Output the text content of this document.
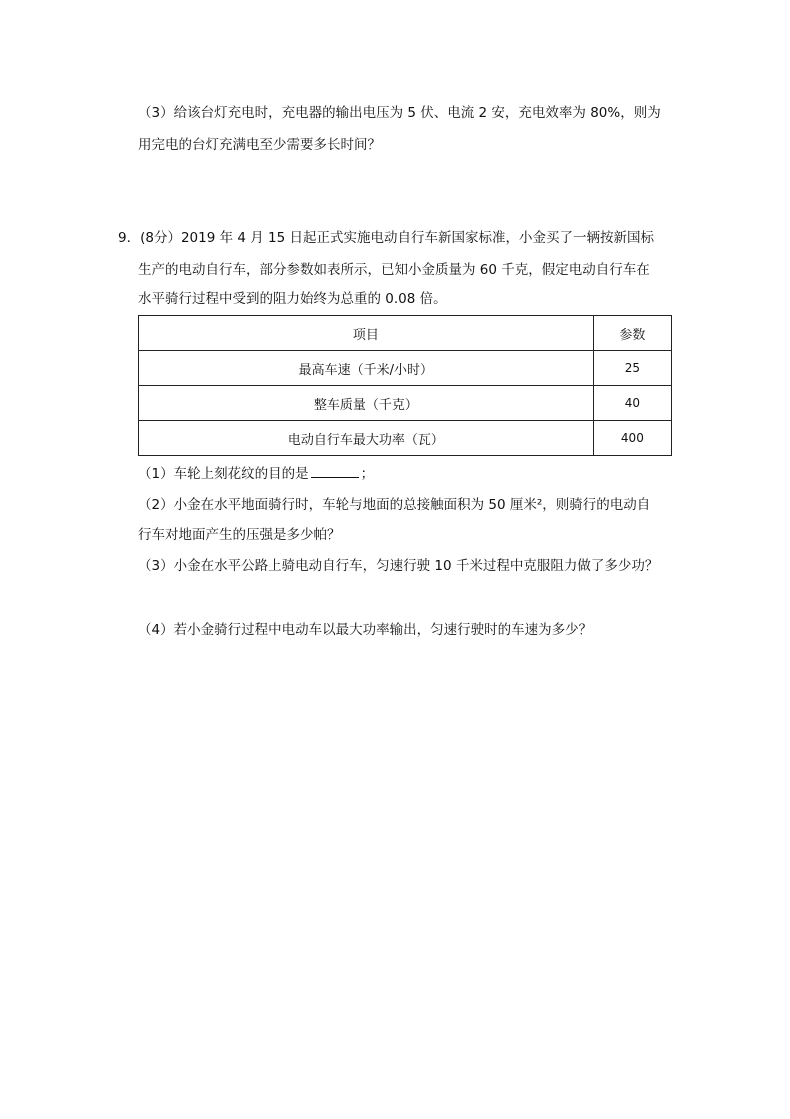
（3）给该台灯充电时，充电器的输出电压为 5 伏、电流 2 安，充电效率为 80%，则为
用完电的台灯充满电至少需要多长时间？
9．(8分）2019 年 4 月 15 日起正式实施电动自行车新国家标准，小金买了一辆按新国标
生产的电动自行车，部分参数如表所示，已知小金质量为 60 千克，假定电动自行车在
水平骑行过程中受到的阻力始终为总重的 0.08 倍。
项目	参数
最高车速（千米/小时）	25
整车质量（千克）	40
电动自行车最大功率（瓦）	400
（1）车轮上刻花纹的目的是	；
（2）小金在水平地面骑行时，车轮与地面的总接触面积为 50 厘米²，则骑行的电动自
行车对地面产生的压强是多少帕？
（3）小金在水平公路上骑电动自行车，匀速行驶 10 千米过程中克服阻力做了多少功？
（4）若小金骑行过程中电动车以最大功率输出，匀速行驶时的车速为多少？
